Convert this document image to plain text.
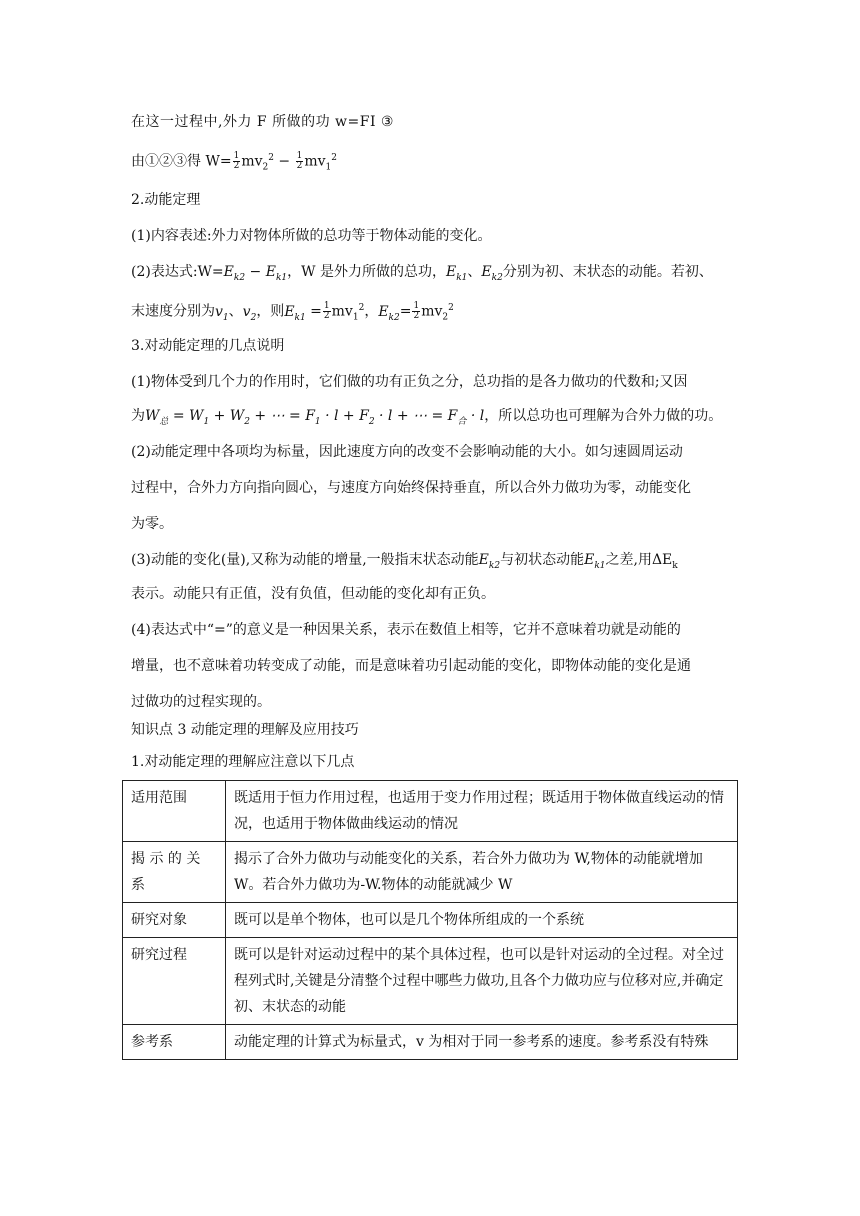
在这一过程中,外力 F 所做的功 w=FI ③
由①②③得 $W= \frac{1}{2} mv_2^2 - \frac{1}{2} mv_1^2$
2.动能定理
(1)内容表述:外力对物体所做的总功等于物体动能的变化。
(2)表达式$:W=E_{k2} - E_{k1}$，W 是外力所做的总功，$E_{k1}$、$E_{k2}$分别为初、末状态的动能。若初、
末速度分别为$v_1$、$v_2$，则$E_{k1} = \frac{1}{2} mv_1^2$，$E_{k2}= \frac{1}{2} mv_2^2$
3.对动能定理的几点说明
(1)物体受到几个力的作用时，它们做的功有正负之分，总功指的是各力做功的代数和;又因
为$W_总 = W_1 + W_2$ + ⋯ = $F_1 \cdot l + F_2 \cdot l$ + ⋯ = $F_合 \cdot l$，所以总功也可理解为合外力做的功。
(2)动能定理中各项均为标量，因此速度方向的改变不会影响动能的大小。如匀速圆周运动
过程中，合外力方向指向圆心，与速度方向始终保持垂直，所以合外力做功为零，动能变化
为零。
(3)动能的变化(量),又称为动能的增量,一般指末状态动能$E_{k2}$与初状态动能$E_{k1}$之差,用$\Delta E_k$
表示。动能只有正值，没有负值，但动能的变化却有正负。
(4)表达式中“=”的意义是一种因果关系，表示在数值上相等，它并不意味着功就是动能的
增量，也不意味着功转变成了动能，而是意味着功引起动能的变化，即物体动能的变化是通
过做功的过程实现的。
知识点 3 动能定理的理解及应用技巧
1.对动能定理的理解应注意以下几点
适用范围	既适用于恒力作用过程，也适用于变力作用过程；既适用于物体做直线运动的情况，也适用于物体做曲线运动的情况
揭 示 的 关 系	揭示了合外力做功与动能变化的关系，若合外力做功为 W,物体的动能就增加 W。若合外力做功为-W.物体的动能就减少 W
研究对象	既可以是单个物体，也可以是几个物体所组成的一个系统
研究过程	既可以是针对运动过程中的某个具体过程，也可以是针对运动的全过程。对全过程列式时,关键是分清整个过程中哪些力做功,且各个力做功应与位移对应,并确定初、末状态的动能
参考系	动能定理的计算式为标量式，v 为相对于同一参考系的速度。参考系没有特殊
